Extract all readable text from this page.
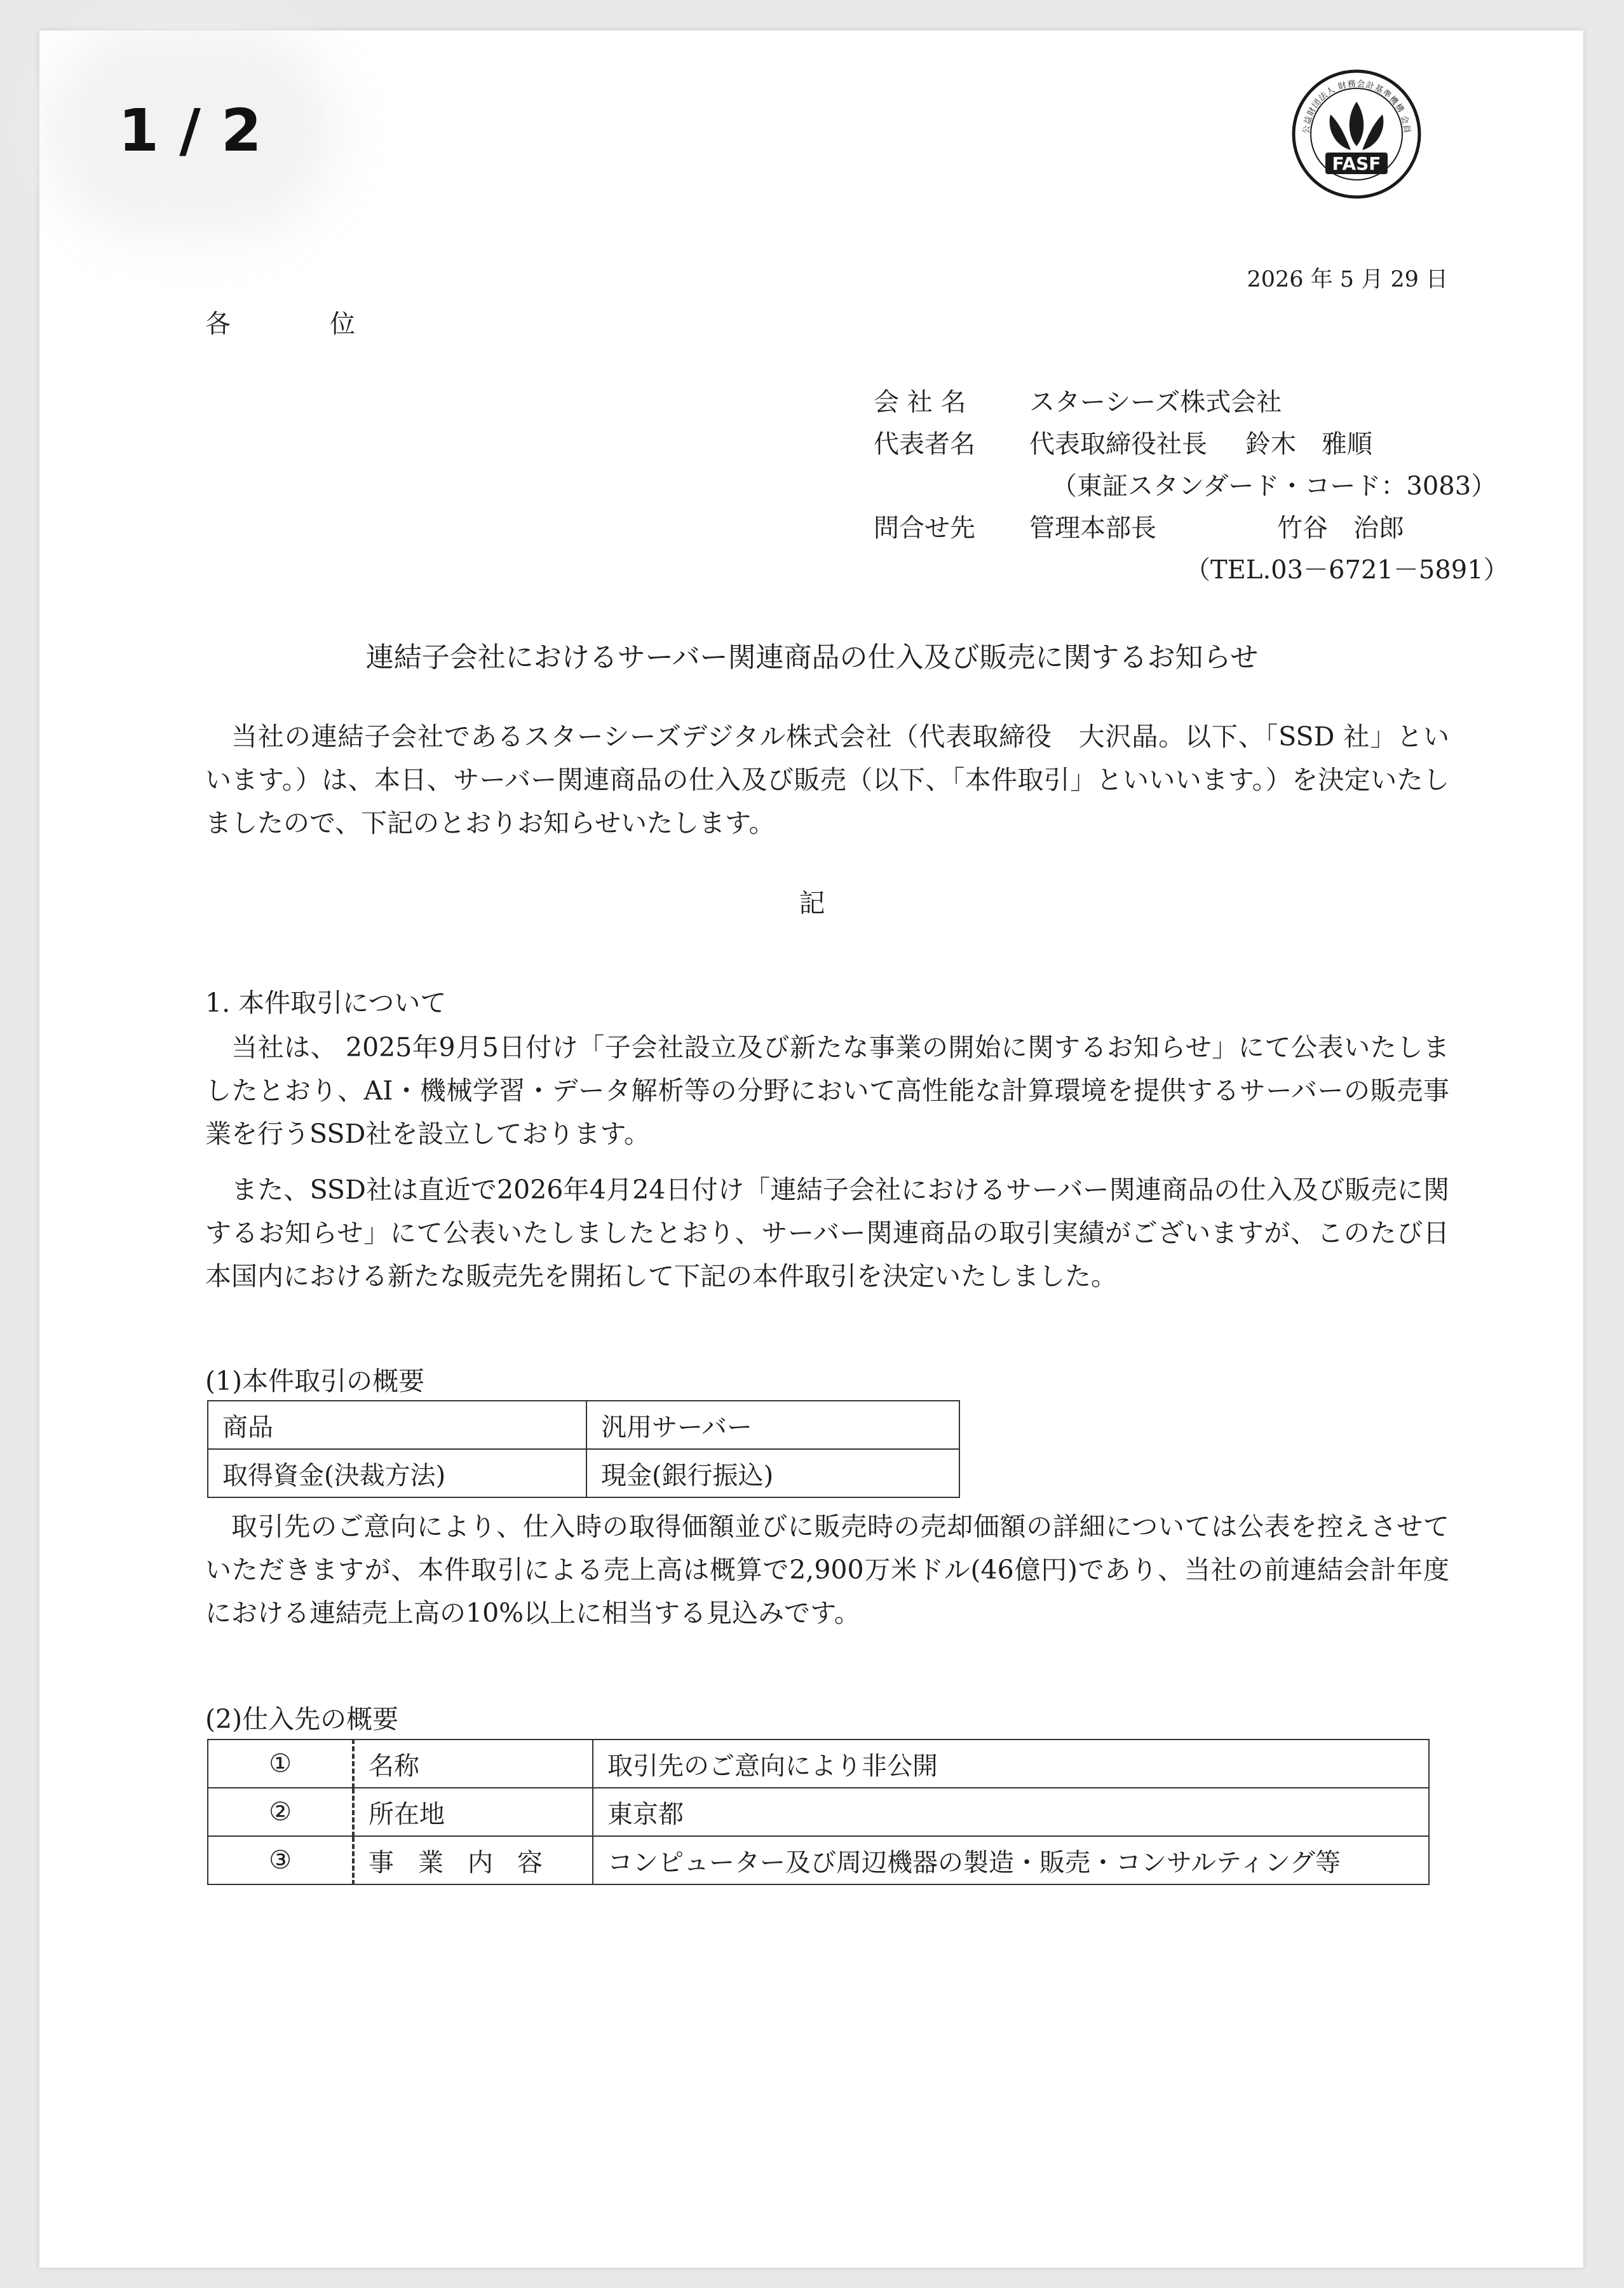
1 / 2	公益財団法人 財務会計基準機構 会員
FASF
2026 年 5 月 29 日
各　位
会 社 名	スターシーズ株式会社
代表者名	代表取締役社長 鈴木　雅順
（東証スタンダード・コード：3083）
問合せ先	管理本部長	竹谷　治郎
（TEL.03－6721－5891）
連結子会社におけるサーバー関連商品の仕入及び販売に関するお知らせ
当社の連結子会社であるスターシーズデジタル株式会社（代表取締役　大沢晶。以下、「SSD 社」といいます。）は、本日、サーバー関連商品の仕入及び販売（以下、「本件取引」といいいます。）を決定いたしましたので、下記のとおりお知らせいたします。
記
1. 本件取引について
当社は、 2025年9月5日付け「子会社設立及び新たな事業の開始に関するお知らせ」にて公表いたしましたとおり、AI・機械学習・データ解析等の分野において高性能な計算環境を提供するサーバーの販売事業を行うSSD社を設立しております。
また、SSD社は直近で2026年4月24日付け「連結子会社におけるサーバー関連商品の仕入及び販売に関するお知らせ」にて公表いたしましたとおり、サーバー関連商品の取引実績がございますが、このたび日本国内における新たな販売先を開拓して下記の本件取引を決定いたしました。
(1)本件取引の概要
商品	汎用サーバー
取得資金(決裁方法)	現金(銀行振込)
取引先のご意向により、仕入時の取得価額並びに販売時の売却価額の詳細については公表を控えさせていただきますが、本件取引による売上高は概算で2,900万米ドル(46億円)であり、当社の前連結会計年度における連結売上高の10%以上に相当する見込みです。
(2)仕入先の概要
①	名称	取引先のご意向により非公開
②	所在地	東京都
③	事業内容	コンピューター及び周辺機器の製造・販売・コンサルティング等
